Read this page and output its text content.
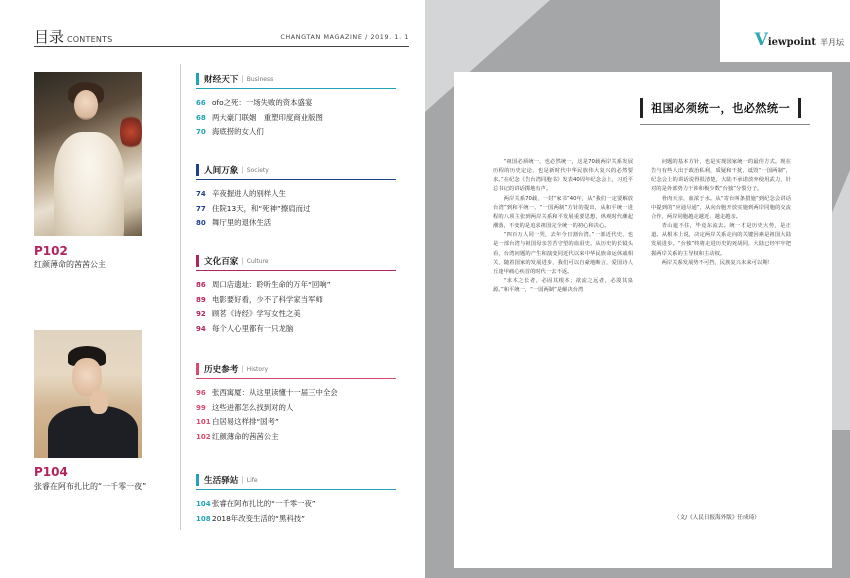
目录 CONTENTS	CHANGTAN MAGAZINE / 2019. 1. 1
P102
红颜薄命的茜茜公主
P104
张睿在阿布扎比的“一千零一夜”
财经天下 | Business
66 ofo之死：一场失败的资本盛宴
68 两大豪门联姻　重塑印度商业版图
70 海底捞的女人们
人间万象 | Society
74 辛夜握进人的别样人生
77 住院13天，和“死神”擦肩而过
80 舞厅里的退休生活
文化百家 | Culture
86 周口店遗址：聆听生命的万年“回响”
89 电影要好看，少不了科学家当军师
92 顾茗《诗经》学写女性之美
94 每个人心里都有一只龙脑
历史参考 | History
96 张西寓厦：从这里读懂十一届三中全会
99 这些迸都怎么找到对的人
101 白居易这样排“国考”
102 红颜薄命的茜茜公主
生活驿站 | Life
104 张睿在阿布扎比的“一千零一夜”
108 2018年改变生活的“黑科技”
V iewpoint 半月坛
祖国必须统一，也必然统一

“祖国必须统一，也必然统一，这是70载两岸关系发展历程的历史定论，也是新时代中华民族伟大复兴的必然要求。”在纪念《告台湾同胞书》发表40周年纪念会上，习近平总书记的讲话掷地有声。

两岸关系70载，一封“家书”40年，从“我们一定要解放台湾”到和平统一、“一国两制”方针的提出，从和平统一进程的八项主张到两岸关系和平发展重要思想，纵观时代潮起潮落，不变的是追求祖国完全统一的初心和决心。

“四百万人同一哭，去年今日割台湾。”一部近代史，也是一部台湾与祖国母亲苦苦守望的血泪史。从历史的长镜头看，台湾问题的产生和演变同近代以来中华民族命运休戚相关，随着国家的发展进步，我们可以自豪地断言，爱国诗人丘逢甲痛心疾首的时代一去不返。

“求木之长者，必固其根本；欲流之远者，必浚其泉源。”和平统一，“一国两制”是解决台湾

问题的基本方针，也是实现国家统一的最佳方式。现在告与有些人出于政治私利，质疑和干扰，诋毁“一国两制”，纪念会上的讲话说得很清楚，大陆不承诺放弃使用武力，针对的是外部势力干涉和极少数“台独”分裂分子。

骨肉天亲，血浓于水。从“寄台叫条措施”到纪念会讲话中提到的“应通尽通”，从向台胞开放实施到两岸同胞的交流合作，两岸同胞越走越近、越走越亲。

青山遮不住，毕竟东流去。统一才是历史大势，是正道。从根本上说，决定两岸关系走向的关键因素是祖国大陆发展进步。“台独”终将走进历史的死胡同，大陆已经牢牢把握两岸关系的主导权和主动权。

两岸关系发展势不可挡，民族复兴未来可以期！

（文/《人民日报海外版》任成琦）
